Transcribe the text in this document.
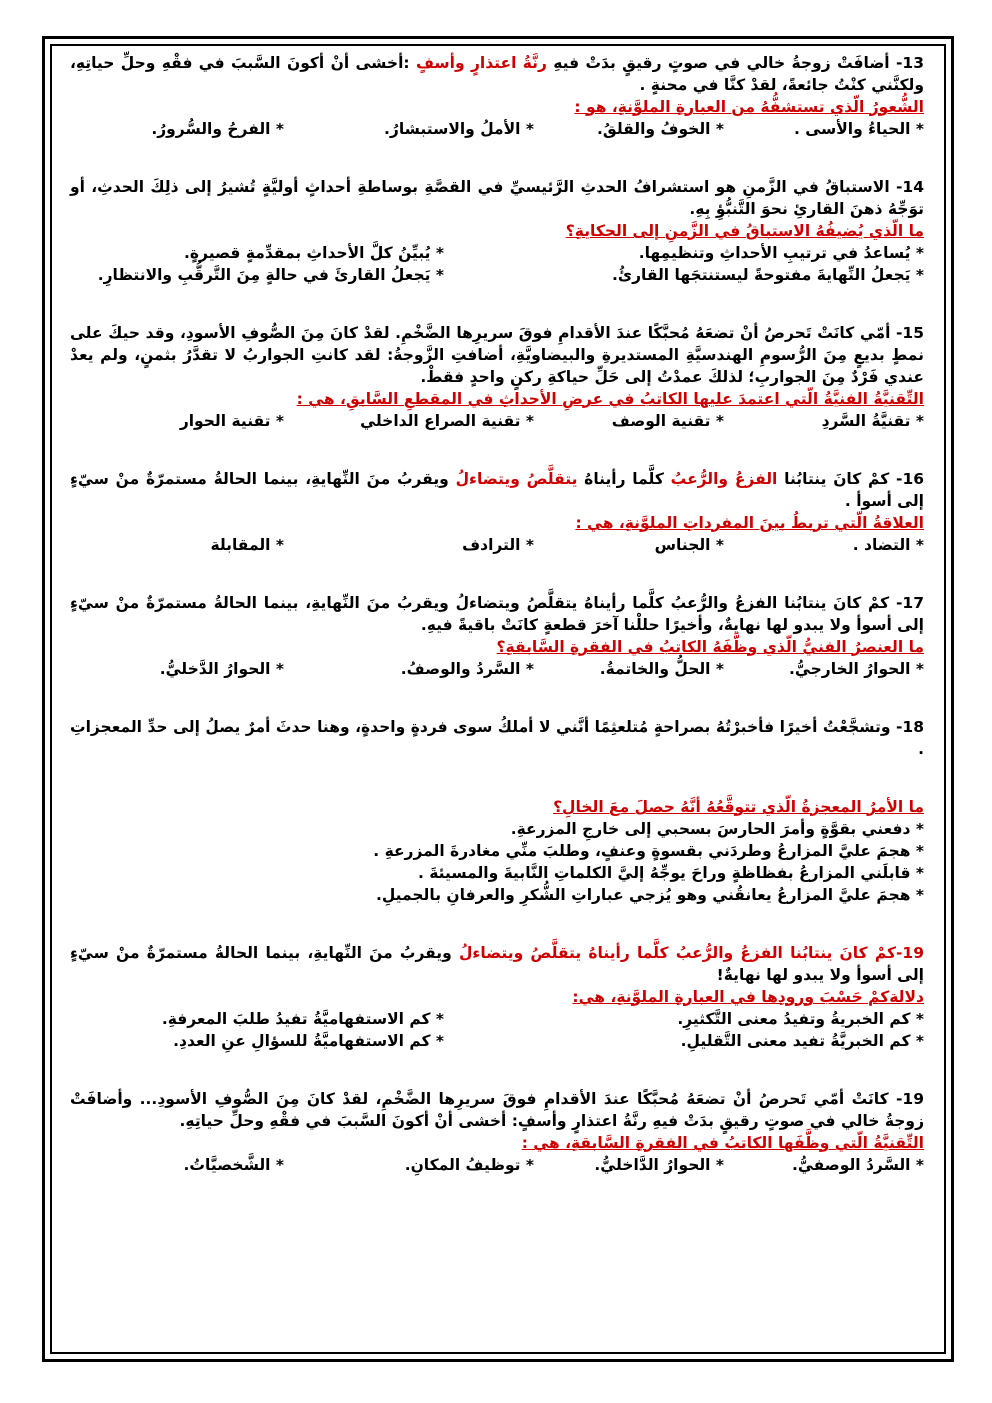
13- أضافَتْ زوجةُ خالي في صوتٍ رقيقٍ بدَتْ فيهِ رنَّةُ اعتذارٍ وأسفٍ :أخشى أنْ أكونَ السَّببَ في فقْهِ وحلِّ حياتِهِ، ولكنَّني كنْتُ جائعةً، لقدْ كنَّا في محنةٍ .
الشُّعورُ الّذي تستشفُّهُ من العبارةِ الملوَّنةِ، هو :
* الحياءُ والأسى .
* الخوفُ والقلقُ.
* الأملُ والاستبشارُ.
* الفرحُ والسُّرورُ.
14- الاستباقُ في الزَّمنِ هو استشرافُ الحدثِ الرَّئيسيِّ في القصَّةِ بوساطةِ أحداثٍ أوليَّةٍ تُشيرُ إلى ذلِكَ الحدثِ، أو توَجِّهُ ذهنَ القارئِ نحوَ التَّنبُّؤِ بِهِ.
ما الّذي يُضيفُهُ الاستباقُ في الزَّمنِ إلى الحكايةِ؟
* يُساعدُ في ترتيبِ الأحداثِ وتنظيمِها.
* يُبيِّنُ كلَّ الأحداثِ بمقدِّمةٍ قصيرةٍ.
* يَجعلُ النِّهايةَ مفتوحةً ليستنتجَها القارئُ.
* يَجعلُ القارئَ في حالةٍ مِنَ التَّرقُّبِ والانتظارِ.
15- أمّي كانَتْ تَحرصُ أنْ تضعَهُ مُحبَّكًا عندَ الأقدامِ فوقَ سريرِها الضَّخْمِ. لقدْ كانَ مِنَ الصُّوفِ الأسودِ، وقد حيكَ على نمطٍ بديعٍ مِنَ الرُّسومِ الهندسيَّةِ المستديرةِ والبيضاويَّةِ، أضافتِ الزَّوجةُ: لقد كانتِ الجواربُ لا تقدَّرُ بثمنٍ، ولم يعدْ عندي فَرْدٌ مِنَ الجواربِ؛ لذلكَ عمدْتُ إلى حَلِّ حياكةِ ركنٍ واحدٍ فقطْ.
التِّقنيَّةُ الفنيَّةُ الّتي اعتمدَ عليها الكاتبُ في عرضِ الأحداثِ في المقطعِ السَّابقِ، هي :
* تقنيَّةُ السَّردِ
* تقنية الوصف
* تقنية الصراع الداخلي
* تقنية الحوار
16- كمْ كانَ ينتابُنا الفزعُ والرُّعبُ كلَّما رأيناهُ يتقلَّصُ ويتضاءلُ ويقربُ منَ النِّهايةِ، بينما الحالةُ مستمرّةٌ منْ سيّءٍ إلى أسوأ .
العلاقةُ الّتي تربطُ بينَ المفرداتِ الملوَّنةِ، هي :
* التضاد .
* الجناس
* الترادف
* المقابلة
17- كمْ كانَ ينتابُنا الفزعُ والرُّعبُ كلَّما رأيناهُ يتقلَّصُ ويتضاءلُ ويقربُ منَ النِّهايةِ، بينما الحالةُ مستمرّةٌ منْ سيّءٍ إلى أسوأ ولا يبدو لها نهايةٌ، وأخيرًا حللْنا آخرَ قطعةٍ كانَتْ باقيةً فيهِ.
ما العنصرُ الفنيُّ الّذي وظَّفَهُ الكاتبُ في الفقرةِ السَّابقةِ؟
* الحوارُ الخارجيُّ.
* الحلُّ والخاتمةُ.
* السَّردُ والوصفُ.
* الحوارُ الدَّخليُّ.
18- وتشجَّعْتُ أخيرًا فأخبرْتُهُ بصراحةٍ مُتلعثِمًا أنَّني لا أملكُ سوى فردةٍ واحدةٍ، وهنا حدثَ أمرٌ يصلُ إلى حدِّ المعجزاتِ .
ما الأمرُ المعجزةُ الّذي تتوقَّعُهُ أنَّهُ حصلَ معَ الخالِ؟
* دفعني بقوَّةٍ وأمرَ الحارسَ بسحبي إلى خارجِ المزرعةِ.
* هجمَ عليَّ المزارعُ وطردَني بقسوةٍ وعنفٍ، وطلبَ منِّي مغادرةَ المزرعةِ .
* قابلَني المزارعُ بفظاظةٍ وراحَ يوجِّهُ إليَّ الكلماتِ النَّابيةَ والمسيئةَ .
* هجمَ عليَّ المزارعُ يعانقُني وهو يُزجي عباراتِ الشُّكرِ والعرفانِ بالجميلِ.
19-كمْ كانَ ينتابُنا الفزعُ والرُّعبُ كلَّما رأيناهُ يتقلَّصُ ويتضاءلُ ويقربُ منَ النِّهايةِ، بينما الحالةُ مستمرّةٌ منْ سيّءٍ إلى أسوأ ولا يبدو لها نهايةٌ!
دلالةكمْ حَسْبَ ورودِها في العبارةِ الملوَّنةِ، هي:
* كم الخبريةُ وتفيدُ معنى التَّكثيرِ.
* كم الاستفهاميَّةُ تفيدُ طلبَ المعرفةِ.
* كم الخبريَّةُ تفيد معنى التَّقليلِ.
* كم الاستفهاميَّةُ للسؤالِ عنِ العددِ.
19- كانَتْ أمّي تَحرصُ أنْ تضعَهُ مُحبَّكًا عندَ الأقدامِ فوقَ سريرِها الضَّخْمِ، لقدْ كانَ مِنَ الصُّوفِ الأسودِ... وأضافَتْ زوجةُ خالي في صوتٍ رقيقٍ بدَتْ فيهِ رنَّةُ اعتذارٍ وأسفٍ: أخشى أنْ أكونَ السَّببَ في فقْهِ وحلِّ حياتِهِ.
التِّقنيَّةُ الّتي وظَّفَها الكاتبُ في الفقرةِ السَّابقةِ، هي :
* السَّردُ الوصفيُّ.
* الحوارُ الدَّاخليُّ.
* توظيفُ المكانِ.
* الشَّخصيَّاتُ.
